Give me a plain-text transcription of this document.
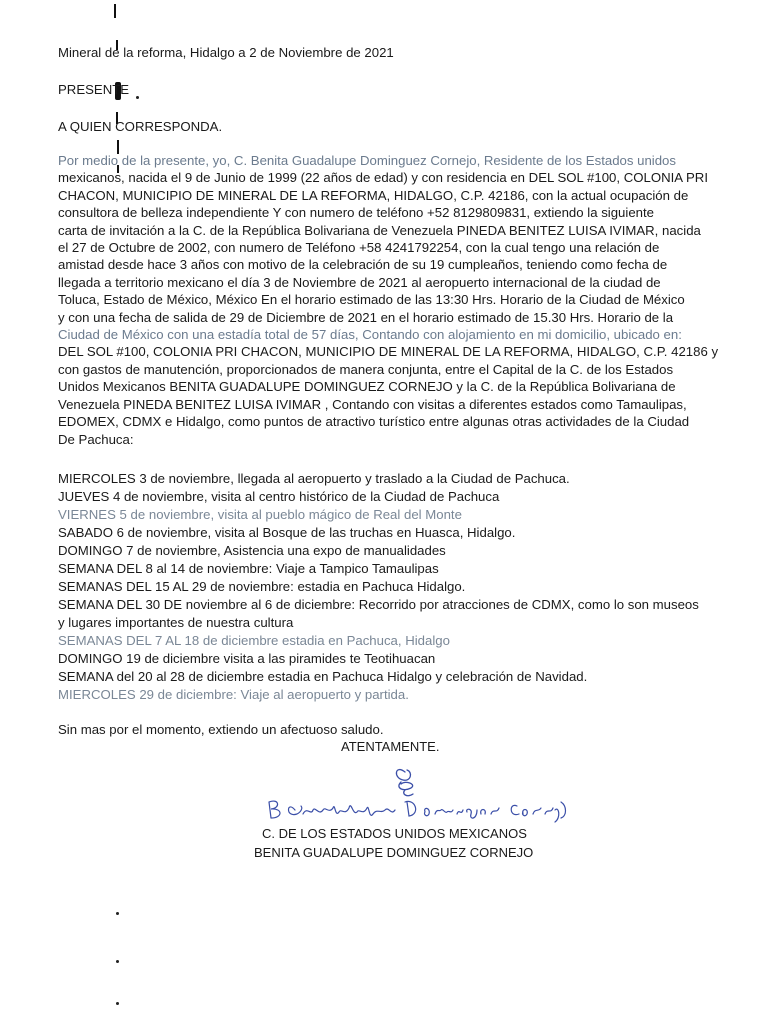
Mineral de la reforma, Hidalgo a 2 de Noviembre de 2021
PRESENTE
A QUIEN CORRESPONDA.
Por medio de la presente, yo, C. Benita Guadalupe Dominguez Cornejo, Residente de los Estados unidos
mexicanos, nacida el 9 de Junio de 1999 (22 años de edad) y con residencia en DEL SOL #100, COLONIA PRI
CHACON, MUNICIPIO DE MINERAL DE LA REFORMA, HIDALGO, C.P. 42186, con la actual ocupación de
consultora de belleza independiente Y con numero de teléfono +52 8129809831, extiendo la siguiente
carta de invitación a la C. de la República Bolivariana de Venezuela PINEDA BENITEZ LUISA IVIMAR, nacida
el 27 de Octubre de 2002, con numero de Teléfono +58 4241792254, con la cual tengo una relación de
amistad desde hace 3 años con motivo de la celebración de su 19 cumpleaños, teniendo como fecha de
llegada a territorio mexicano el día 3 de Noviembre de 2021 al aeropuerto internacional de la ciudad de
Toluca, Estado de México, México En el horario estimado de las 13:30 Hrs. Horario de la Ciudad de México
y con una fecha de salida de 29 de Diciembre de 2021 en el horario estimado de 15.30 Hrs. Horario de la
Ciudad de México con una estadía total de 57 días, Contando con alojamiento en mi domicilio, ubicado en:
DEL SOL #100, COLONIA PRI CHACON, MUNICIPIO DE MINERAL DE LA REFORMA, HIDALGO, C.P. 42186 y
con gastos de manutención, proporcionados de manera conjunta, entre el Capital de la C. de los Estados
Unidos Mexicanos BENITA GUADALUPE DOMINGUEZ CORNEJO y la C. de la República Bolivariana de
Venezuela PINEDA BENITEZ LUISA IVIMAR , Contando con visitas a diferentes estados como Tamaulipas,
EDOMEX, CDMX e Hidalgo, como puntos de atractivo turístico entre algunas otras actividades de la Ciudad
De Pachuca:
MIERCOLES 3 de noviembre, llegada al aeropuerto y traslado a la Ciudad de Pachuca.
JUEVES 4 de noviembre, visita al centro histórico de la Ciudad de Pachuca
VIERNES 5 de noviembre, visita al pueblo mágico de Real del Monte
SABADO 6 de noviembre, visita al Bosque de las truchas en Huasca, Hidalgo.
DOMINGO 7 de noviembre, Asistencia una expo de manualidades
SEMANA DEL 8 al 14 de noviembre: Viaje a Tampico Tamaulipas
SEMANAS DEL 15 AL 29 de noviembre: estadia en Pachuca Hidalgo.
SEMANA DEL 30 DE noviembre al 6 de diciembre: Recorrido por atracciones de CDMX, como lo son museos
y lugares importantes de nuestra cultura
SEMANAS DEL 7 AL 18 de diciembre estadia en Pachuca, Hidalgo
DOMINGO 19 de diciembre visita a las piramides te Teotihuacan
SEMANA del 20 al 28 de diciembre estadia en Pachuca Hidalgo y celebración de Navidad.
MIERCOLES 29 de diciembre: Viaje al aeropuerto y partida.
Sin mas por el momento, extiendo un afectuoso saludo.
ATENTAMENTE.
C. DE LOS ESTADOS UNIDOS MEXICANOS
BENITA GUADALUPE DOMINGUEZ CORNEJO
